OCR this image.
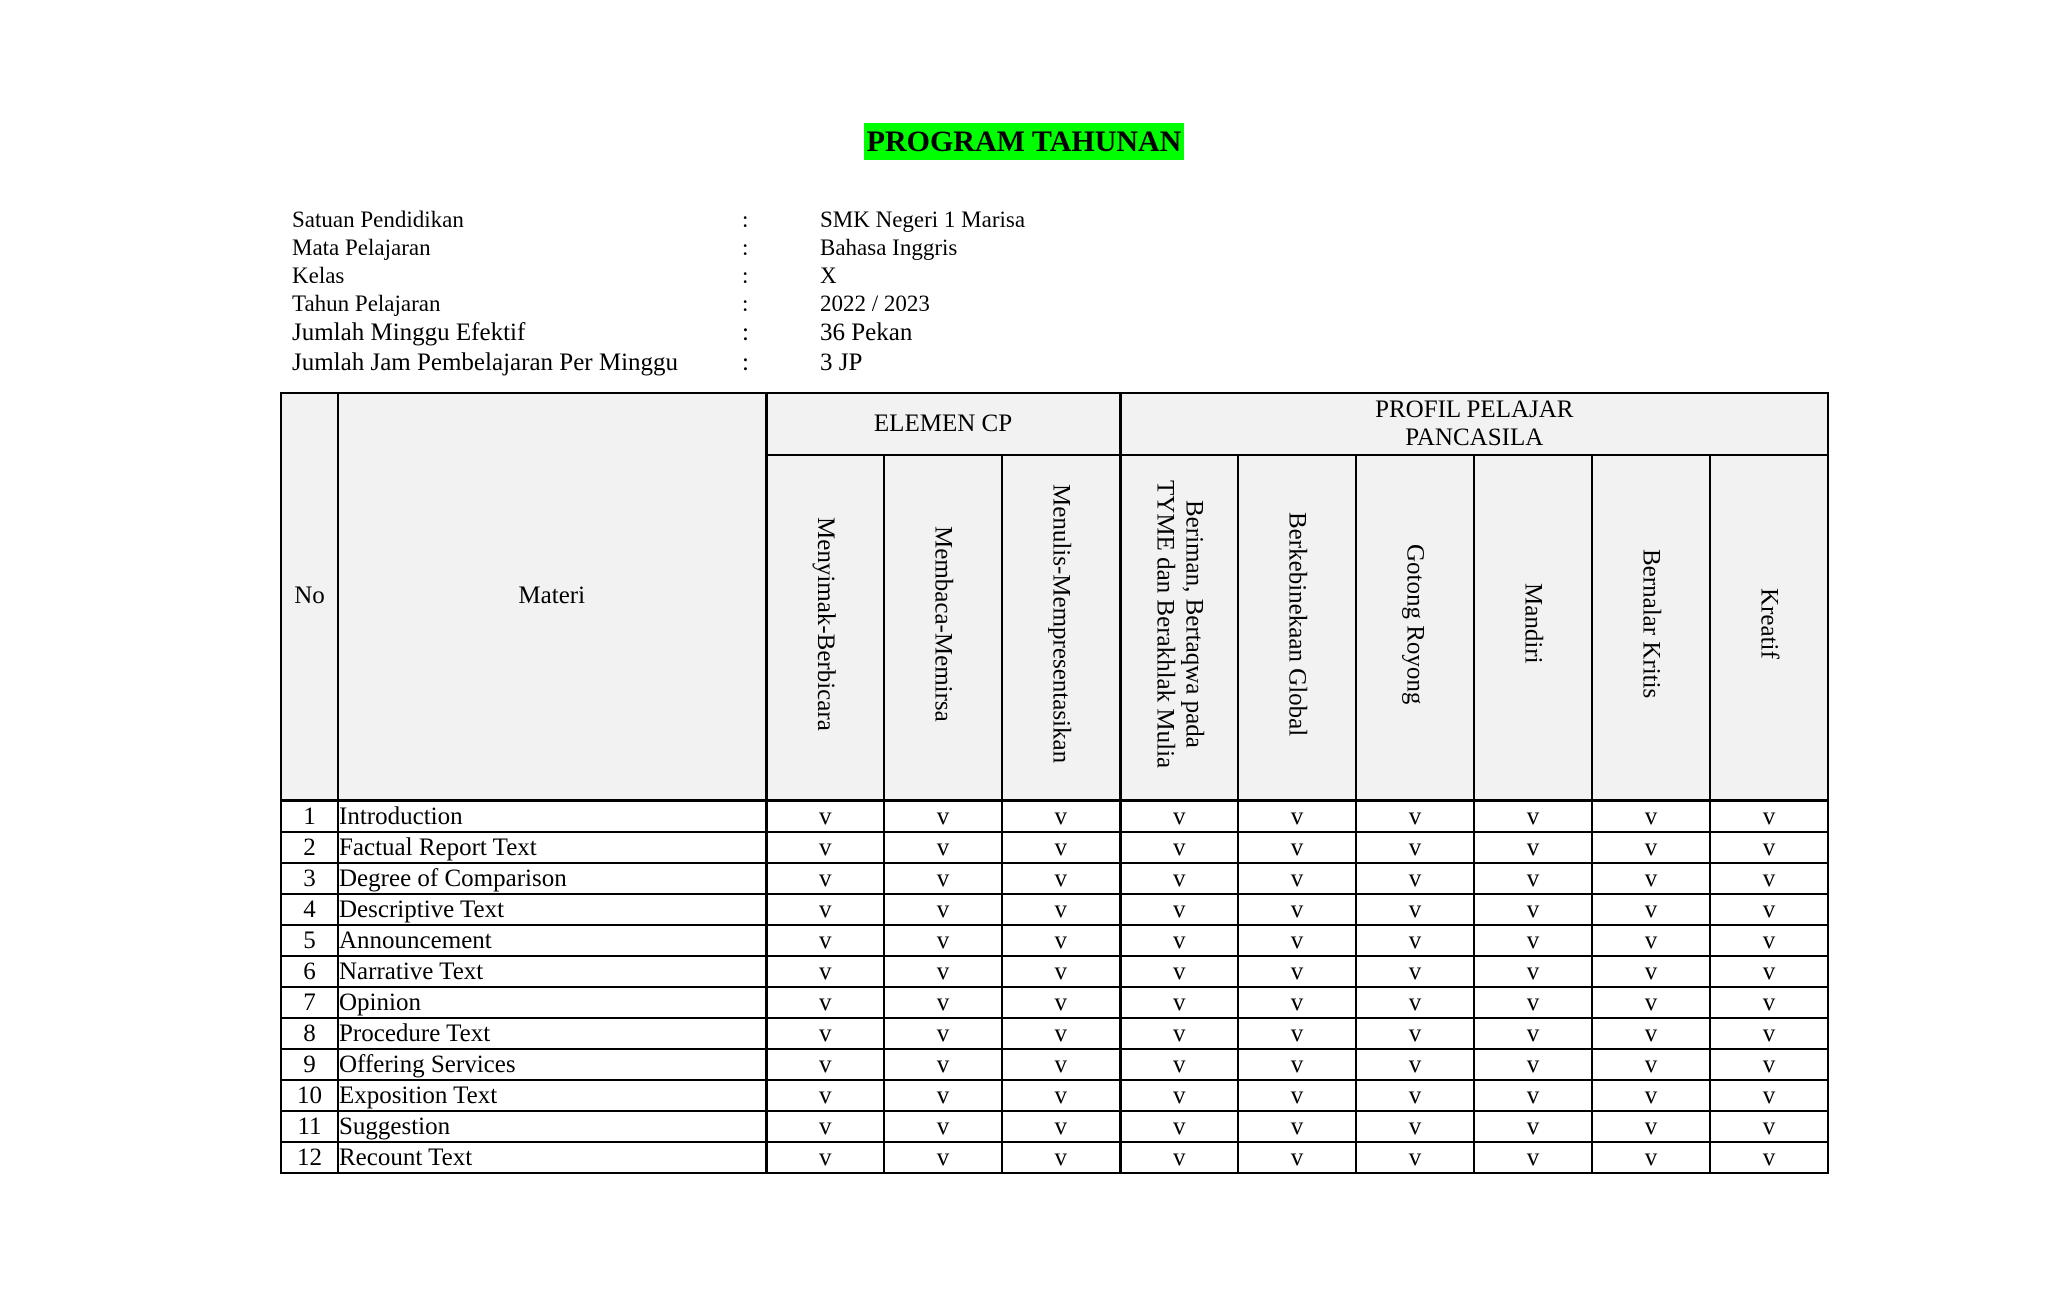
PROGRAM TAHUNAN
Satuan Pendidikan	:	SMK Negeri 1 Marisa
Mata Pelajaran	:	Bahasa Inggris
Kelas	:	X
Tahun Pelajaran	:	2022 / 2023
Jumlah Minggu Efektif	:	36 Pekan
Jumlah Jam Pembelajaran Per Minggu	:	3 JP
No	Materi	ELEMEN CP			PROFIL PELAJAR
PANCASILA					

		Menyimak-Berbicara	Membaca-Memirsa	Menulis-Mempresentasikan	Beriman, Bertaqwa pada
TYME dan Berakhlak Mulia	Berkebinekaan Global	Gotong Royong	Mandiri	Bernalar Kritis	Kreatif
1	Introduction	v	v	v	v	v	v	v	v	v
2	Factual Report Text	v	v	v	v	v	v	v	v	v
3	Degree of Comparison	v	v	v	v	v	v	v	v	v
4	Descriptive Text	v	v	v	v	v	v	v	v	v
5	Announcement	v	v	v	v	v	v	v	v	v
6	Narrative Text	v	v	v	v	v	v	v	v	v
7	Opinion	v	v	v	v	v	v	v	v	v
8	Procedure Text	v	v	v	v	v	v	v	v	v
9	Offering Services	v	v	v	v	v	v	v	v	v
10	Exposition Text	v	v	v	v	v	v	v	v	v
11	Suggestion	v	v	v	v	v	v	v	v	v
12	Recount Text	v	v	v	v	v	v	v	v	v
